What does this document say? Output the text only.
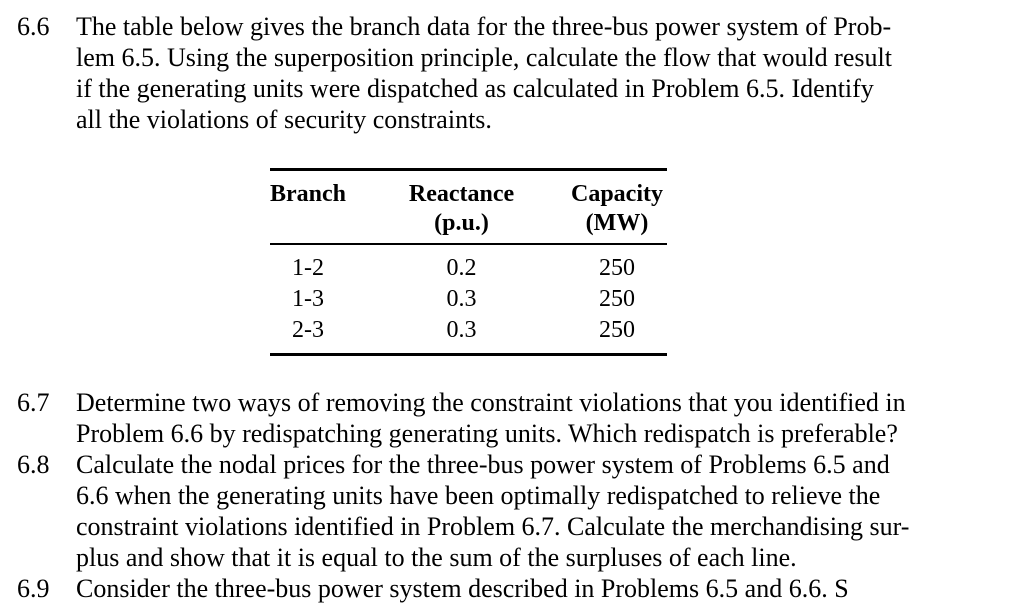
6.6 The table below gives the branch data for the three-bus power system of Prob-
lem 6.5. Using the superposition principle, calculate the flow that would result
if the generating units were dispatched as calculated in Problem 6.5. Identify
all the violations of security constraints.
Branch	Reactance
(p.u.)
Capacity
(MW)
1-2
1-3
2-3
0.2
0.3
0.3
250
250
250
6.7 Determine two ways of removing the constraint violations that you identified in
Problem 6.6 by redispatching generating units. Which redispatch is preferable?
6.8 Calculate the nodal prices for the three-bus power system of Problems 6.5 and
6.6 when the generating units have been optimally redispatched to relieve the
constraint violations identified in Problem 6.7. Calculate the merchandising sur-
plus and show that it is equal to the sum of the surpluses of each line.
6.9 Consider the three-bus power system described in Problems 6.5 and 6.6. S
